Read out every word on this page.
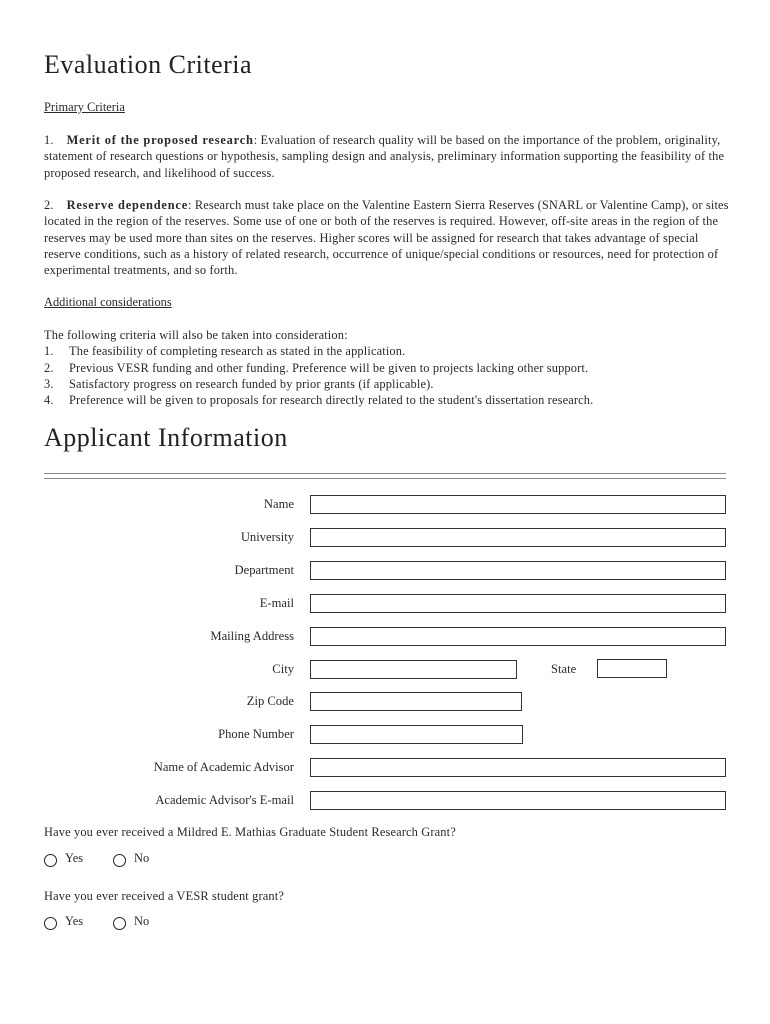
Evaluation Criteria
Primary Criteria

1. Merit of the proposed research: Evaluation of research quality will be based on the importance of the problem, originality, statement of research questions or hypothesis, sampling design and analysis, preliminary information supporting the feasibility of the proposed research, and likelihood of success.

2. Reserve dependence: Research must take place on the Valentine Eastern Sierra Reserves (SNARL or Valentine Camp), or sites located in the region of the reserves. Some use of one or both of the reserves is required. However, off-site areas in the region of the reserves may be used more than sites on the reserves. Higher scores will be assigned for research that takes advantage of special reserve conditions, such as a history of related research, occurrence of unique/special conditions or resources, need for protection of experimental treatments, and so forth.

Additional considerations
The following criteria will also be taken into consideration:
1.	The feasibility of completing research as stated in the application.
2.	Previous VESR funding and other funding. Preference will be given to projects lacking other support.
3.	Satisfactory progress on research funded by prior grants (if applicable).
4.	Preference will be given to proposals for research directly related to the student's dissertation research.
Applicant Information
Name
University
Department
E-mail
Mailing Address
City	State
Zip Code
Phone Number
Name of Academic Advisor
Academic Advisor's E-mail
Have you ever received a Mildred E. Mathias Graduate Student Research Grant?
Yes	No
Have you ever received a VESR student grant?
Yes	No
